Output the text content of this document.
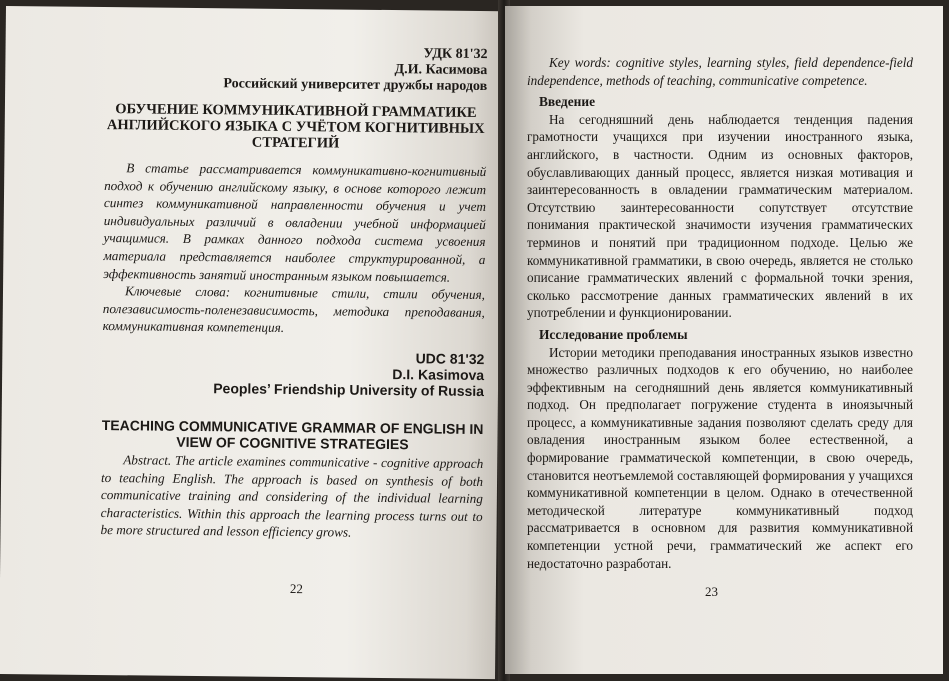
УДК 81'32

Д.И. Касимова

Российский университет дружбы народов

ОБУЧЕНИЕ КОММУНИКАТИВНОЙ ГРАММАТИКЕ АНГЛИЙСКОГО ЯЗЫКА С УЧЁТОМ КОГНИТИВНЫХ СТРАТЕГИЙ

В статье рассматривается коммуникативно-когнитивный подход к обучению английскому языку, в основе которого лежит синтез коммуникативной направленности обучения и учет индивидуальных различий в овладении учебной информацией учащимися. В рамках данного подхода система усвоения материала представляется наиболее структурированной, а эффективность занятий иностранным языком повышается.

Ключевые слова: когнитивные стили, стили обучения, полезависимость-поленезависимость, методика преподавания, коммуникативная компетенция.

UDC 81'32

D.I. Kasimova

Peoples’ Friendship University of Russia

TEACHING COMMUNICATIVE GRAMMAR OF ENGLISH IN VIEW OF COGNITIVE STRATEGIES

Abstract. The article examines communicative - cognitive approach to teaching English. The approach is based on synthesis of both communicative training and considering of the individual learning characteristics. Within this approach the learning process turns out to be more structured and lesson efficiency grows.

22

Key words: cognitive styles, learning styles, field dependence-field independence, methods of teaching, communicative competence.

Введение

На сегодняшний день наблюдается тенденция падения грамотности учащихся при изучении иностранного языка, английского, в частности. Одним из основных факторов, обуславливающих данный процесс, является низкая мотивация и заинтересованность в овладении грамматическим материалом. Отсутствию заинтересованности сопутствует отсутствие понимания практической значимости изучения грамматических терминов и понятий при традиционном подходе. Целью же коммуникативной грамматики, в свою очередь, является не столько описание грамматических явлений с формальной точки зрения, сколько рассмотрение данных грамматических явлений в их употреблении и функционировании.

Исследование проблемы

Истории методики преподавания иностранных языков известно множество различных подходов к его обучению, но наиболее эффективным на сегодняшний день является коммуникативный подход. Он предполагает погружение студента в иноязычный процесс, а коммуникативные задания позволяют сделать среду для овладения иностранным языком более естественной, а формирование грамматической компетенции, в свою очередь, становится неотъемлемой составляющей формирования у учащихся коммуникативной компетенции в целом. Однако в отечественной методической литературе коммуникативный подход рассматривается в основном для развития коммуникативной компетенции устной речи, грамматический же аспект его недостаточно разработан.

23
